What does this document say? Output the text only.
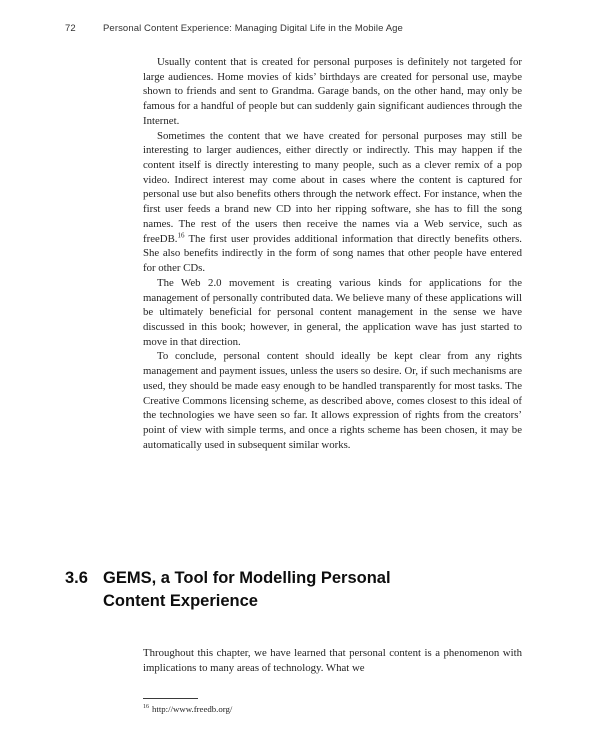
72	Personal Content Experience: Managing Digital Life in the Mobile Age

Usually content that is created for personal purposes is definitely not targeted for large audiences. Home movies of kids’ birthdays are created for personal use, maybe shown to friends and sent to Grandma. Garage bands, on the other hand, may only be famous for a handful of people but can suddenly gain significant audiences through the Internet.

Sometimes the content that we have created for personal purposes may still be interesting to larger audiences, either directly or indirectly. This may happen if the content itself is directly interesting to many people, such as a clever remix of a pop video. Indirect interest may come about in cases where the content is captured for personal use but also benefits others through the network effect. For instance, when the first user feeds a brand new CD into her ripping software, she has to fill the song names. The rest of the users then receive the names via a Web service, such as freeDB.$^{16}$ The first user provides additional information that directly benefits others. She also benefits indirectly in the form of song names that other people have entered for other CDs.

The Web 2.0 movement is creating various kinds for applications for the management of personally contributed data. We believe many of these applications will be ultimately beneficial for personal content management in the sense we have discussed in this book; however, in general, the application wave has just started to move in that direction.

To conclude, personal content should ideally be kept clear from any rights management and payment issues, unless the users so desire. Or, if such mechanisms are used, they should be made easy enough to be handled transparently for most tasks. The Creative Commons licensing scheme, as described above, comes closest to this ideal of the technologies we have seen so far. It allows expression of rights from the creators’ point of view with simple terms, and once a rights scheme has been chosen, it may be automatically used in subsequent similar works.

3.6 GEMS, a Tool for Modelling Personal Content Experience

Throughout this chapter, we have learned that personal content is a phenomenon with implications to many areas of technology. What we

$^{16}$ http://www.freedb.org/
